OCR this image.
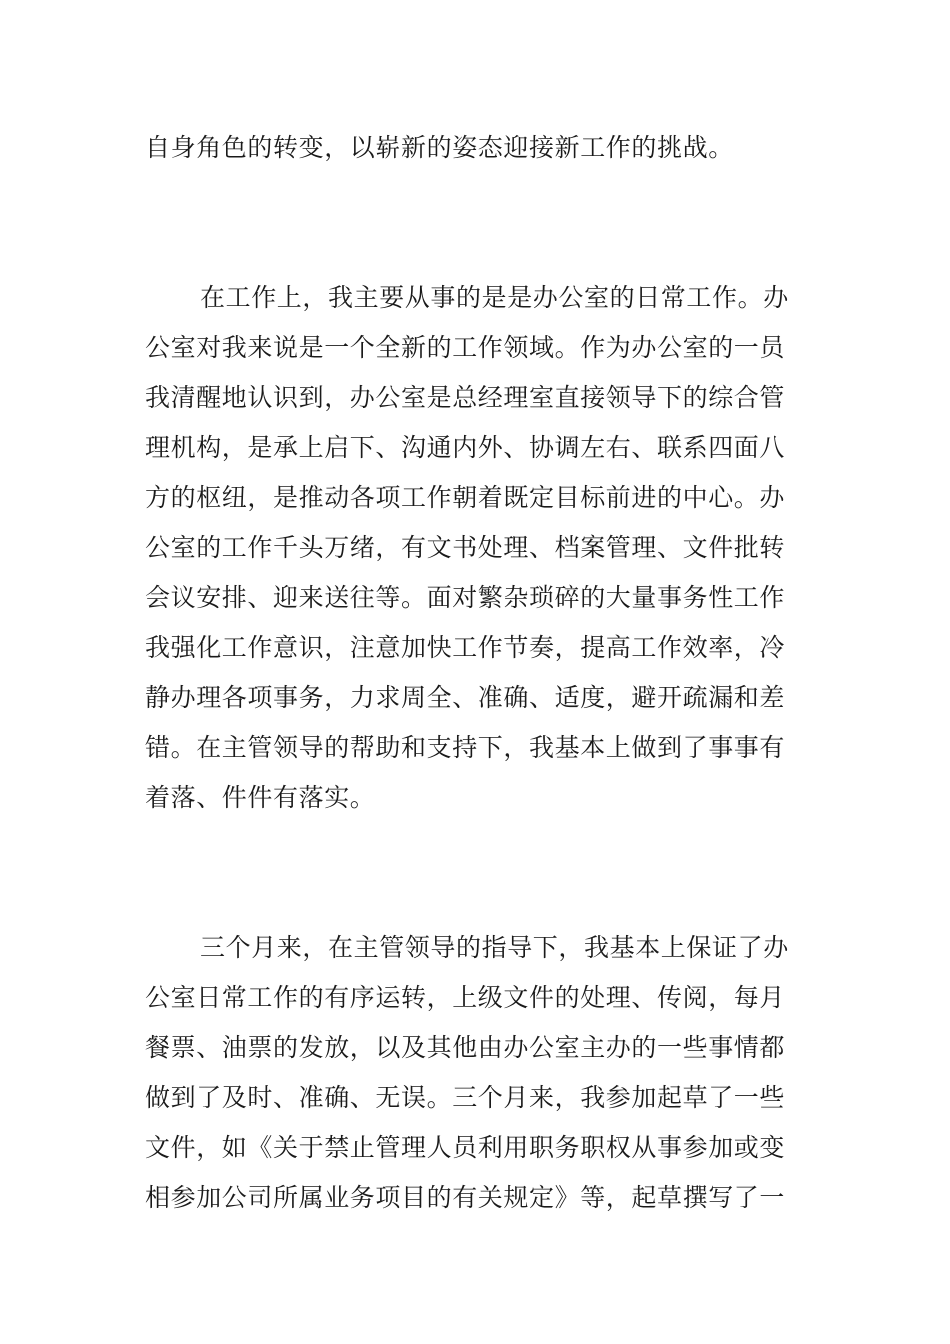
自身角色的转变，以崭新的姿态迎接新工作的挑战。
在工作上，我主要从事的是是办公室的日常工作。办
公室对我来说是一个全新的工作领域。作为办公室的一员
我清醒地认识到，办公室是总经理室直接领导下的综合管
理机构，是承上启下、沟通内外、协调左右、联系四面八
方的枢纽，是推动各项工作朝着既定目标前进的中心。办
公室的工作千头万绪，有文书处理、档案管理、文件批转
会议安排、迎来送往等。面对繁杂琐碎的大量事务性工作
我强化工作意识，注意加快工作节奏，提高工作效率，冷
静办理各项事务，力求周全、准确、适度，避开疏漏和差
错。在主管领导的帮助和支持下，我基本上做到了事事有
着落、件件有落实。
三个月来，在主管领导的指导下，我基本上保证了办
公室日常工作的有序运转，上级文件的处理、传阅，每月
餐票、油票的发放，以及其他由办公室主办的一些事情都
做到了及时、准确、无误。三个月来，我参加起草了一些
文件，如《关于禁止管理人员利用职务职权从事参加或变
相参加公司所属业务项目的有关规定》等，起草撰写了一
